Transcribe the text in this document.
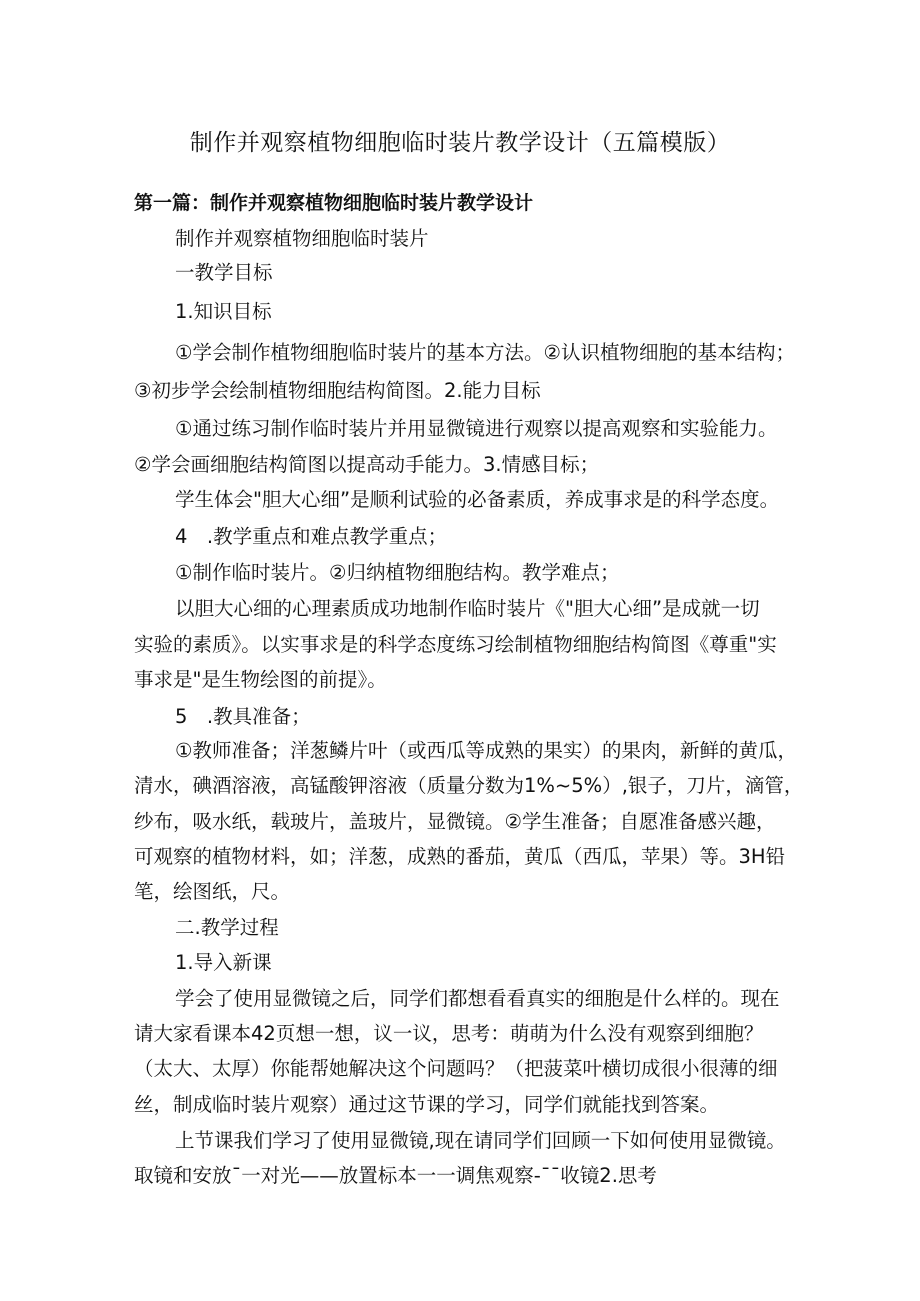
制作并观察植物细胞临时装片教学设计（五篇模版）
第一篇：制作并观察植物细胞临时装片教学设计
制作并观察植物细胞临时装片
一教学目标
1.知识目标
①学会制作植物细胞临时装片的基本方法。②认识植物细胞的基本结构；
③初步学会绘制植物细胞结构简图。2.能力目标
①通过练习制作临时装片并用显微镜进行观察以提高观察和实验能力。
②学会画细胞结构简图以提高动手能力。3.情感目标；
学生体会"胆大心细”是顺利试验的必备素质，养成事求是的科学态度。
4　.教学重点和难点教学重点；
①制作临时装片。②归纳植物细胞结构。教学难点；
以胆大心细的心理素质成功地制作临时装片《"胆大心细”是成就一切
实验的素质》。以实事求是的科学态度练习绘制植物细胞结构简图《尊重"实
事求是"是生物绘图的前提》。
5　.教具准备；
①教师准备；洋葱鳞片叶（或西瓜等成熟的果实）的果肉，新鲜的黄瓜，
清水，碘酒溶液，高锰酸钾溶液（质量分数为1%~5%）,银子，刀片，滴管，
纱布，吸水纸，载玻片，盖玻片，显微镜。②学生准备；自愿准备感兴趣，
可观察的植物材料，如；洋葱，成熟的番茄，黄瓜（西瓜，苹果）等。3H铅
笔，绘图纸，尺。
二.教学过程
1.导入新课
学会了使用显微镜之后，同学们都想看看真实的细胞是什么样的。现在
请大家看课本42页想一想，议一议，思考：萌萌为什么没有观察到细胞？
（太大、太厚）你能帮她解决这个问题吗？（把菠菜叶横切成很小很薄的细
丝，制成临时装片观察）通过这节课的学习，同学们就能找到答案。
上节课我们学习了使用显微镜,现在请同学们回顾一下如何使用显微镜。
取镜和安放¯一对光——放置标本一一调焦观察-¯¯收镜2.思考
